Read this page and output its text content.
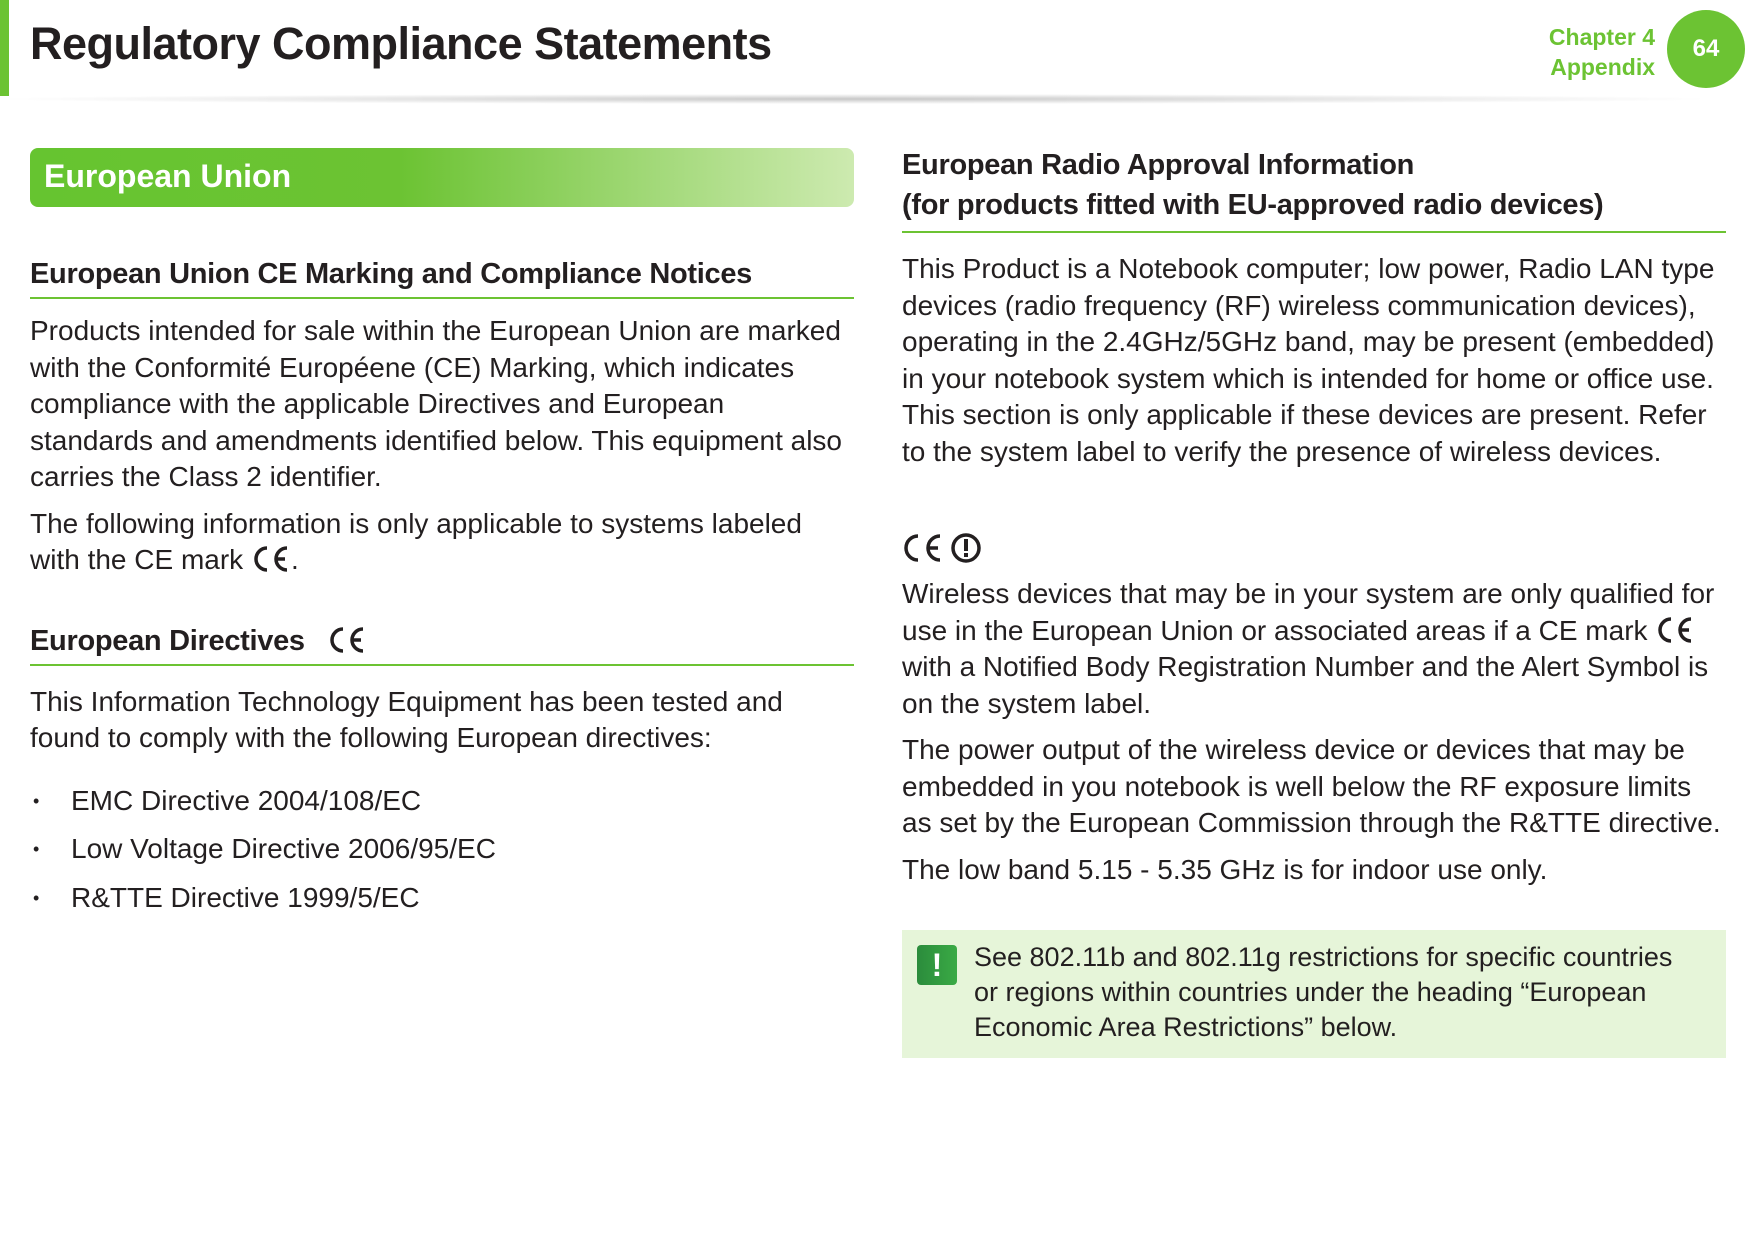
Regulatory Compliance Statements	Chapter 4
Appendix
64
European Union
European Union CE Marking and Compliance Notices

Products intended for sale within the European Union are marked with the Conformité Européene (CE) Marking, which indicates compliance with the applicable Directives and European standards and amendments identified below. This equipment also carries the Class 2 identifier.

The following information is only applicable to systems labeled with the CE mark .

European Directives

This Information Technology Equipment has been tested and found to comply with the following European directives:

• EMC Directive 2004/108/EC
• Low Voltage Directive 2006/95/EC
• R&TTE Directive 1999/5/EC
European Radio Approval Information
(for products fitted with EU-approved radio devices)

This Product is a Notebook computer; low power, Radio LAN type devices (radio frequency (RF) wireless communication devices), operating in the 2.4GHz/5GHz band, may be present (embedded) in your notebook system which is intended for home or office use. This section is only applicable if these devices are present. Refer to the system label to verify the presence of wireless devices.

Wireless devices that may be in your system are only qualified for use in the European Union or associated areas if a CE mark  with a Notified Body Registration Number and the Alert Symbol is on the system label.

The power output of the wireless device or devices that may be embedded in you notebook is well below the RF exposure limits as set by the European Commission through the R&TTE directive.

The low band 5.15 - 5.35 GHz is for indoor use only.

!	See 802.11b and 802.11g restrictions for specific countries or regions within countries under the heading “European Economic Area Restrictions” below.
